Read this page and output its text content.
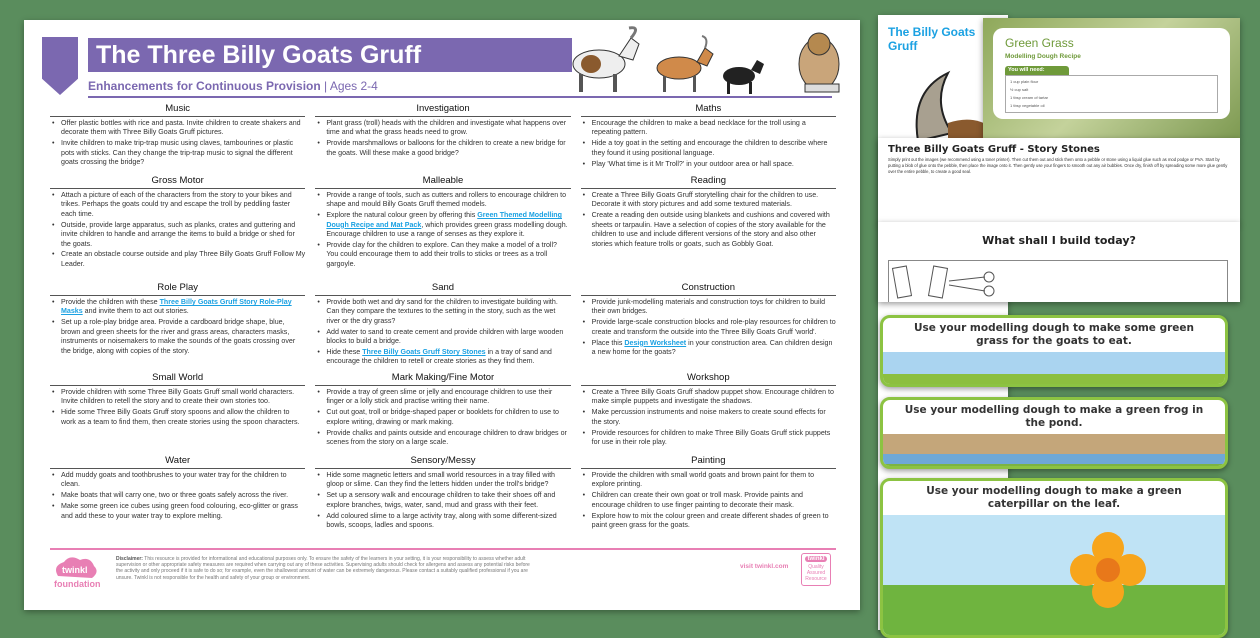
The Three Billy Goats Gruff
Enhancements for Continuous Provision | Ages 2-4
Music
• Offer plastic bottles with rice and pasta. Invite children to create shakers and decorate them with Three Billy Goats Gruff pictures.
• Invite children to make trip-trap music using claves, tambourines or plastic pots with sticks. Can they change the trip-trap music to signal the different goats crossing the bridge?
Investigation
• Plant grass (troll) heads with the children and investigate what happens over time and what the grass heads need to grow.
• Provide marshmallows or balloons for the children to create a new bridge for the goats. Will these make a good bridge?
Maths
• Encourage the children to make a bead necklace for the troll using a repeating pattern.
• Hide a toy goat in the setting and encourage the children to describe where they found it using positional language.
• Play 'What time is it Mr Troll?' in your outdoor area or hall space.
Gross Motor
• Attach a picture of each of the characters from the story to your bikes and trikes. Perhaps the goats could try and escape the troll by peddling faster each time.
• Outside, provide large apparatus, such as planks, crates and guttering and invite children to handle and arrange the items to build a bridge or shed for the goats.
• Create an obstacle course outside and play Three Billy Goats Gruff Follow My Leader.
Malleable
• Provide a range of tools, such as cutters and rollers to encourage children to shape and mould Billy Goats Gruff themed models.
• Explore the natural colour green by offering this Green Themed Modelling Dough Recipe and Mat Pack, which provides green grass modelling dough. Encourage children to use a range of senses as they explore it.
• Provide clay for the children to explore. Can they make a model of a troll? You could encourage them to add their trolls to sticks or trees as a troll gargoyle.
Reading
• Create a Three Billy Goats Gruff storytelling chair for the children to use. Decorate it with story pictures and add some textured materials.
• Create a reading den outside using blankets and cushions and covered with sheets or tarpaulin. Have a selection of copies of the story available for the children to use and include different versions of the story and also other stories which feature trolls or goats, such as Gobbly Goat.
Role Play
• Provide the children with these Three Billy Goats Gruff Story Role-Play Masks and invite them to act out stories.
• Set up a role-play bridge area. Provide a cardboard bridge shape, blue, brown and green sheets for the river and grass areas, characters masks, instruments or noisemakers to make the sounds of the goats crossing over the bridge, along with copies of the story.
Sand
• Provide both wet and dry sand for the children to investigate building with. Can they compare the textures to the setting in the story, such as the wet river or the dry grass?
• Add water to sand to create cement and provide children with large wooden blocks to build a bridge.
• Hide these Three Billy Goats Gruff Story Stones in a tray of sand and encourage the children to retell or create stories as they find them.
Construction
• Provide junk-modelling materials and construction toys for children to build their own bridges.
• Provide large-scale construction blocks and role-play resources for children to create and transform the outside into the Three Billy Goats Gruff 'world'.
• Place this Design Worksheet in your construction area. Can children design a new home for the goats?
Small World
• Provide children with some Three Billy Goats Gruff small world characters. Invite children to retell the story and to create their own stories too.
• Hide some Three Billy Goats Gruff story spoons and allow the children to work as a team to find them, then create stories using the spoon characters.
Mark Making/Fine Motor
• Provide a tray of green slime or jelly and encourage children to use their finger or a lolly stick and practise writing their name.
• Cut out goat, troll or bridge-shaped paper or booklets for children to use to explore writing, drawing or mark making.
• Provide chalks and paints outside and encourage children to draw bridges or scenes from the story on a large scale.
Workshop
• Create a Three Billy Goats Gruff shadow puppet show. Encourage children to make simple puppets and investigate the shadows.
• Make percussion instruments and noise makers to create sound effects for the story.
• Provide resources for children to make Three Billy Goats Gruff stick puppets for use in their role play.
Water
• Add muddy goats and toothbrushes to your water tray for the children to clean.
• Make boats that will carry one, two or three goats safely across the river.
• Make some green ice cubes using green food colouring, eco-glitter or grass and add these to your water tray to explore melting.
Sensory/Messy
• Hide some magnetic letters and small world resources in a tray filled with gloop or slime. Can they find the letters hidden under the troll's bridge?
• Set up a sensory walk and encourage children to take their shoes off and explore branches, twigs, water, sand, mud and grass with their feet.
• Add coloured slime to a large activity tray, along with some different-sized bowls, scoops, ladles and spoons.
Painting
• Provide the children with small world goats and brown paint for them to explore printing.
• Children can create their own goat or troll mask. Provide paints and encourage children to use finger painting to decorate their mask.
• Explore how to mix the colour green and create different shades of green to paint green grass for the goats.
twinkl
foundation
Disclaimer: This resource is provided for informational and educational purposes only. To ensure the safety of the learners in your setting, it is your responsibility to assess whether adult supervision or other appropriate safety measures are required when carrying out any of these activities. Supervising adults should check for allergens and assess any potential risks before the activity and only proceed if it is safe to do so; for example, even the shallowest amount of water can be extremely dangerous. Please contact a suitably qualified professional if you are unsure. Twinkl is not responsible for the health and safety of your group or environment.
visit twinkl.com
twinkl
Quality Assured Resource
The Billy Goats Gruff	Green Grass
Modelling Dough Recipe
You will need:
1 cup plain flour
½ cup salt
1 tbsp cream of tartar
1 tbsp vegetable oil
Three Billy Goats Gruff - Story Stones
Simply print out the images (we recommend using a toner printer). Then cut them out and stick them onto a pebble or stone using a liquid glue such as mod podge or PVA. Start by putting a blob of glue onto the pebble, then place the image onto it. Then gently use your fingers to smooth out any air bubbles. Once dry, finish off by spreading some more glue gently over the entire pebble, to create a good seal.
What shall I build today?
Use your modelling dough to make some green grass for the goats to eat.
Use your modelling dough to make a green frog in the pond.
Use your modelling dough to make a green caterpillar on the leaf.
